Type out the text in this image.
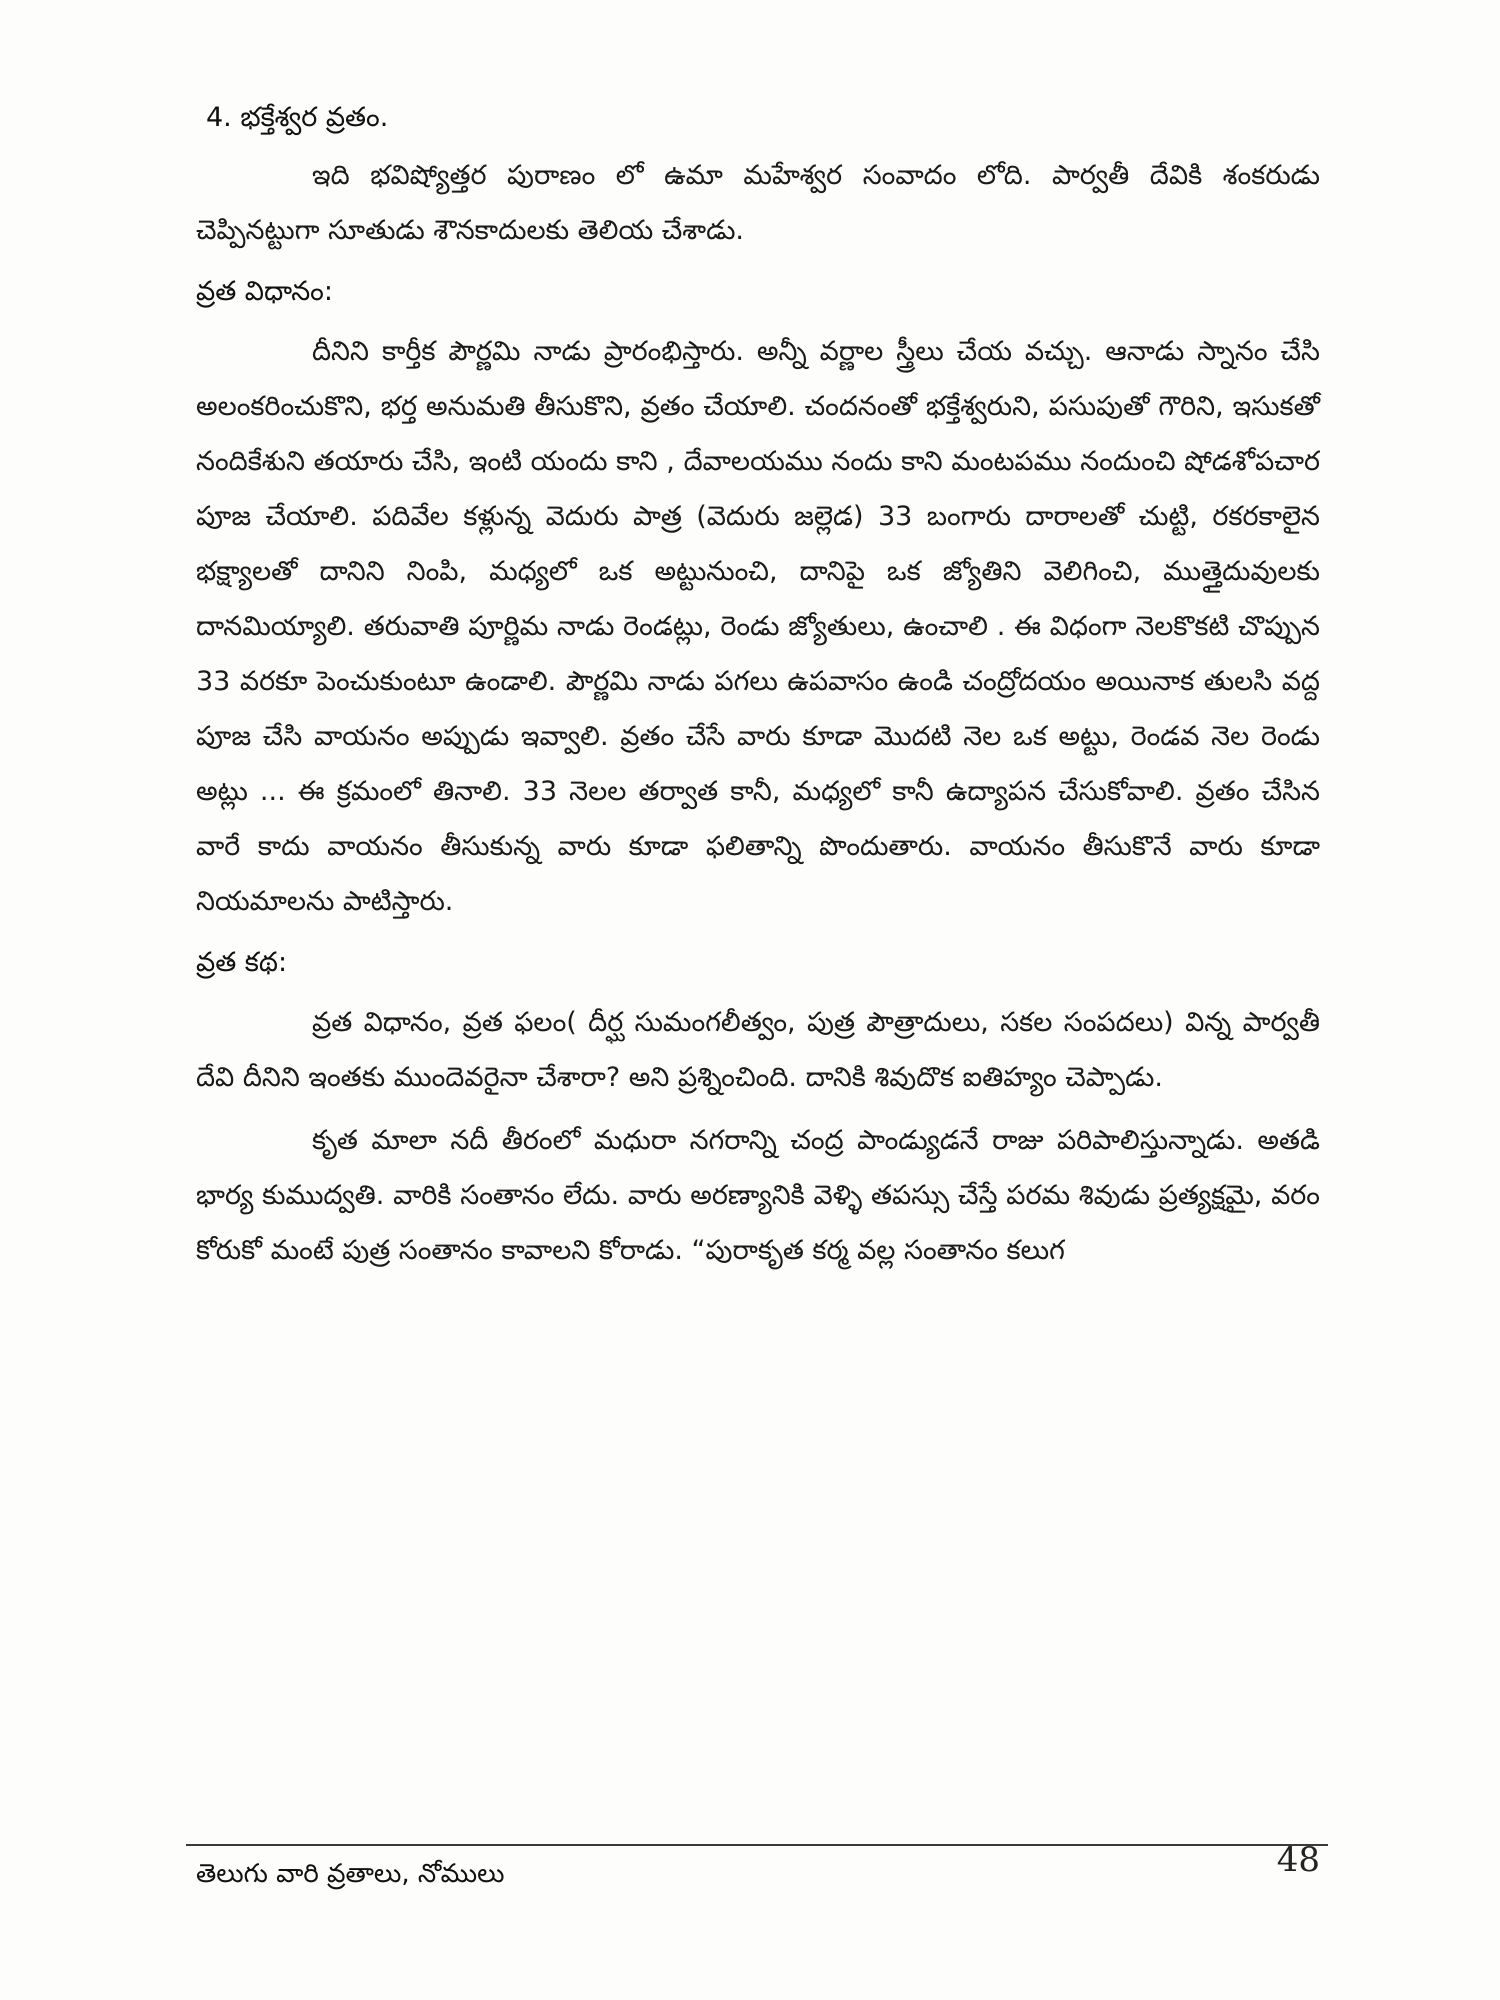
4. భక్తేశ్వర వ్రతం.

ఇది భవిష్యోత్తర పురాణం లో ఉమా మహేశ్వర సంవాదం లోది. పార్వతీ దేవికి శంకరుడు చెప్పినట్టుగా సూతుడు శౌనకాదులకు తెలియ చేశాడు.

వ్రత విధానం:

దీనిని కార్తీక పౌర్ణమి నాడు ప్రారంభిస్తారు. అన్నీ వర్ణాల స్త్రీలు చేయ వచ్చు. ఆనాడు స్నానం చేసి అలంకరించుకొని, భర్త అనుమతి తీసుకొని, వ్రతం చేయాలి. చందనంతో భక్తేశ్వరుని, పసుపుతో గౌరిని, ఇసుకతో నందికేశుని తయారు చేసి, ఇంటి యందు కాని , దేవాలయము నందు కాని మంటపము నందుంచి షోడశోపచార పూజ చేయాలి. పదివేల కళ్లున్న వెదురు పాత్ర (వెదురు జల్లెడ) 33 బంగారు దారాలతో చుట్టి, రకరకాలైన భక్ష్యాలతో దానిని నింపి, మధ్యలో ఒక అట్టునుంచి, దానిపై ఒక జ్యోతిని వెలిగించి, ముత్తైదువులకు దానమియ్యాలి. తరువాతి పూర్ణిమ నాడు రెండట్లు, రెండు జ్యోతులు, ఉంచాలి . ఈ విధంగా నెలకొకటి చొప్పున 33 వరకూ పెంచుకుంటూ ఉండాలి. పౌర్ణమి నాడు పగలు ఉపవాసం ఉండి చంద్రోదయం అయినాక తులసి వద్ద పూజ చేసి వాయనం అప్పుడు ఇవ్వాలి. వ్రతం చేసే వారు కూడా మొదటి నెల ఒక అట్టు, రెండవ నెల రెండు అట్లు ... ఈ క్రమంలో తినాలి. 33 నెలల తర్వాత కానీ, మధ్యలో కానీ ఉద్యాపన చేసుకోవాలి. వ్రతం చేసిన వారే కాదు వాయనం తీసుకున్న వారు కూడా ఫలితాన్ని పొందుతారు. వాయనం తీసుకొనే వారు కూడా నియమాలను పాటిస్తారు.

వ్రత కథ:

వ్రత విధానం, వ్రత ఫలం( దీర్ఘ సుమంగలీత్వం, పుత్ర పౌత్రాదులు, సకల సంపదలు) విన్న పార్వతీ దేవి దీనిని ఇంతకు ముందెవరైనా చేశారా? అని ప్రశ్నించింది. దానికి శివుదొక ఐతిహ్యం చెప్పాడు.

కృత మాలా నదీ తీరంలో మధురా నగరాన్ని చంద్ర పాండ్యుడనే రాజు పరిపాలిస్తున్నాడు. అతడి భార్య కుముద్వతి. వారికి సంతానం లేదు. వారు అరణ్యానికి వెళ్ళి తపస్సు చేస్తే పరమ శివుడు ప్రత్యక్షమై, వరం కోరుకో మంటే పుత్ర సంతానం కావాలని కోరాడు. “పురాకృత కర్మ వల్ల సంతానం కలుగ

తెలుగు వారి వ్రతాలు, నోములు	48
